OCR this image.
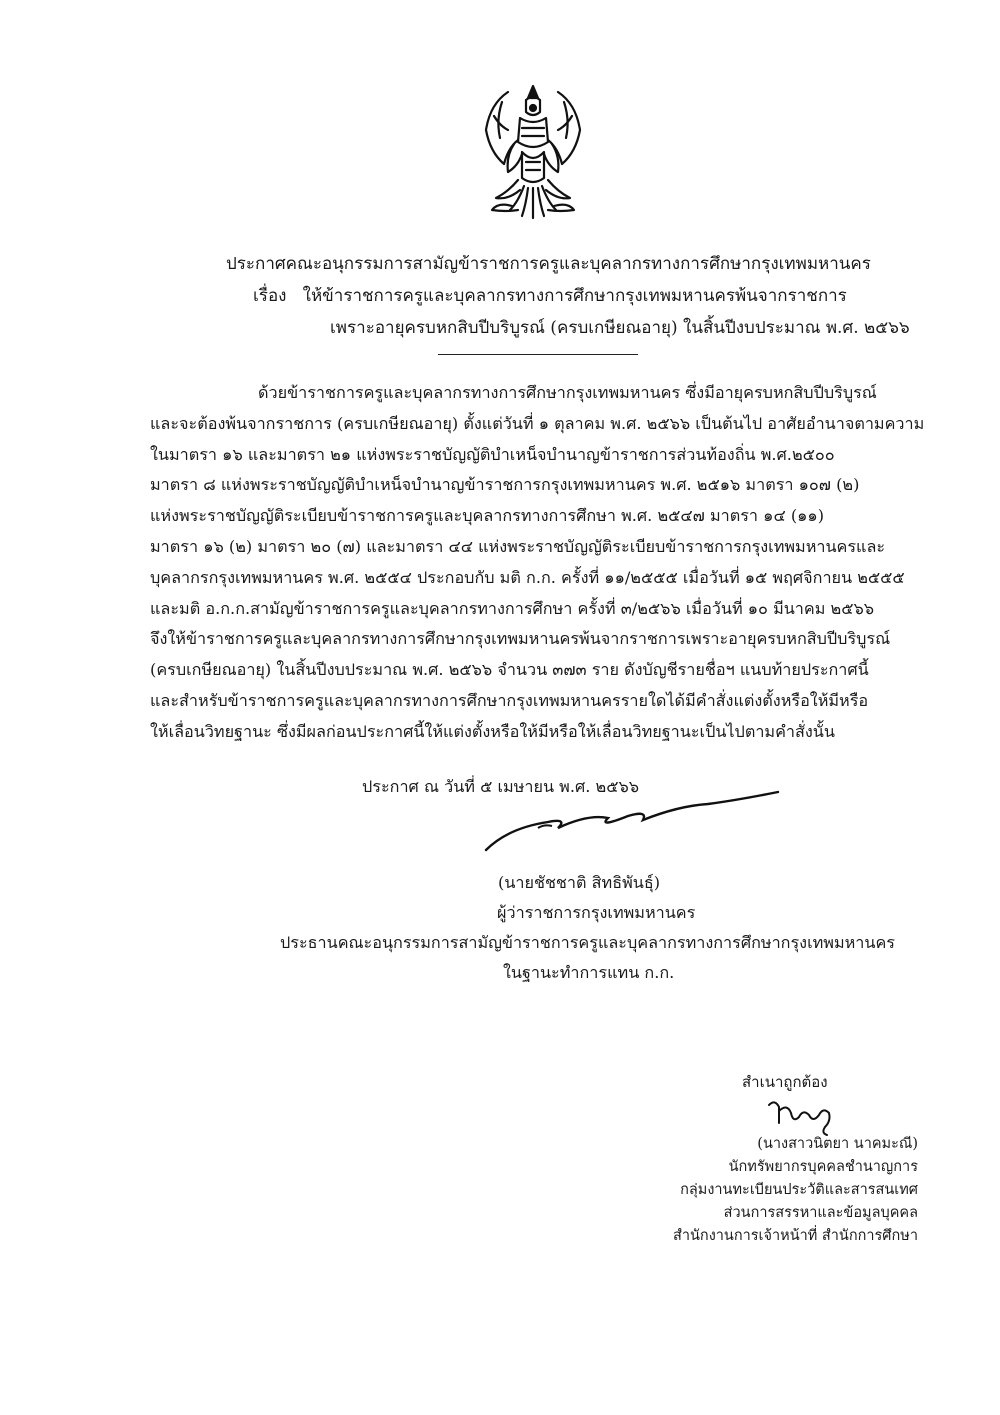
ประกาศคณะอนุกรรมการสามัญข้าราชการครูและบุคลากรทางการศึกษากรุงเทพมหานคร
เรื่อง ให้ข้าราชการครูและบุคลากรทางการศึกษากรุงเทพมหานครพ้นจากราชการ
เพราะอายุครบหกสิบปีบริบูรณ์ (ครบเกษียณอายุ) ในสิ้นปีงบประมาณ พ.ศ. ๒๕๖๖
ด้วยข้าราชการครูและบุคลากรทางการศึกษากรุงเทพมหานคร ซึ่งมีอายุครบหกสิบปีบริบูรณ์
และจะต้องพ้นจากราชการ (ครบเกษียณอายุ) ตั้งแต่วันที่ ๑ ตุลาคม พ.ศ. ๒๕๖๖ เป็นต้นไป อาศัยอำนาจตามความ
ในมาตรา ๑๖ และมาตรา ๒๑ แห่งพระราชบัญญัติบำเหน็จบำนาญข้าราชการส่วนท้องถิ่น พ.ศ.๒๕๐๐
มาตรา ๘ แห่งพระราชบัญญัติบำเหน็จบำนาญข้าราชการกรุงเทพมหานคร พ.ศ. ๒๕๑๖ มาตรา ๑๐๗ (๒)
แห่งพระราชบัญญัติระเบียบข้าราชการครูและบุคลากรทางการศึกษา พ.ศ. ๒๕๔๗ มาตรา ๑๔ (๑๑)
มาตรา ๑๖ (๒) มาตรา ๒๐ (๗) และมาตรา ๔๔ แห่งพระราชบัญญัติระเบียบข้าราชการกรุงเทพมหานครและ
บุคลากรกรุงเทพมหานคร พ.ศ. ๒๕๕๔ ประกอบกับ มติ ก.ก. ครั้งที่ ๑๑/๒๕๕๕ เมื่อวันที่ ๑๕ พฤศจิกายน ๒๕๕๕
และมติ อ.ก.ก.สามัญข้าราชการครูและบุคลากรทางการศึกษา ครั้งที่ ๓/๒๕๖๖ เมื่อวันที่ ๑๐ มีนาคม ๒๕๖๖
จึงให้ข้าราชการครูและบุคลากรทางการศึกษากรุงเทพมหานครพ้นจากราชการเพราะอายุครบหกสิบปีบริบูรณ์
(ครบเกษียณอายุ) ในสิ้นปีงบประมาณ พ.ศ. ๒๕๖๖ จำนวน ๓๗๓ ราย ดังบัญชีรายชื่อฯ แนบท้ายประกาศนี้
และสำหรับข้าราชการครูและบุคลากรทางการศึกษากรุงเทพมหานครรายใดได้มีคำสั่งแต่งตั้งหรือให้มีหรือ
ให้เลื่อนวิทยฐานะ ซึ่งมีผลก่อนประกาศนี้ให้แต่งตั้งหรือให้มีหรือให้เลื่อนวิทยฐานะเป็นไปตามคำสั่งนั้น
ประกาศ ณ วันที่ ๕ เมษายน พ.ศ. ๒๕๖๖
(นายชัชชาติ สิทธิพันธุ์)
ผู้ว่าราชการกรุงเทพมหานคร
ประธานคณะอนุกรรมการสามัญข้าราชการครูและบุคลากรทางการศึกษากรุงเทพมหานคร
ในฐานะทำการแทน ก.ก.
สำเนาถูกต้อง
(นางสาวนิตยา นาคมะณี)
นักทรัพยากรบุคคลชำนาญการ
กลุ่มงานทะเบียนประวัติและสารสนเทศ
ส่วนการสรรหาและข้อมูลบุคคล
สำนักงานการเจ้าหน้าที่ สำนักการศึกษา
